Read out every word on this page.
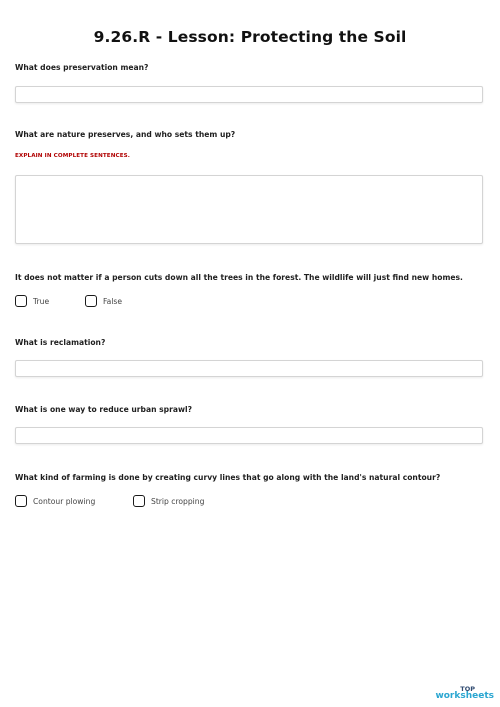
9.26.R - Lesson: Protecting the Soil
What does preservation mean?
What are nature preserves, and who sets them up?
EXPLAIN IN COMPLETE SENTENCES.
It does not matter if a person cuts down all the trees in the forest. The wildlife will just find new homes.
True	False
What is reclamation?
What is one way to reduce urban sprawl?
What kind of farming is done by creating curvy lines that go along with the land's natural contour?
Contour plowing	Strip cropping
TOP
worksheets
